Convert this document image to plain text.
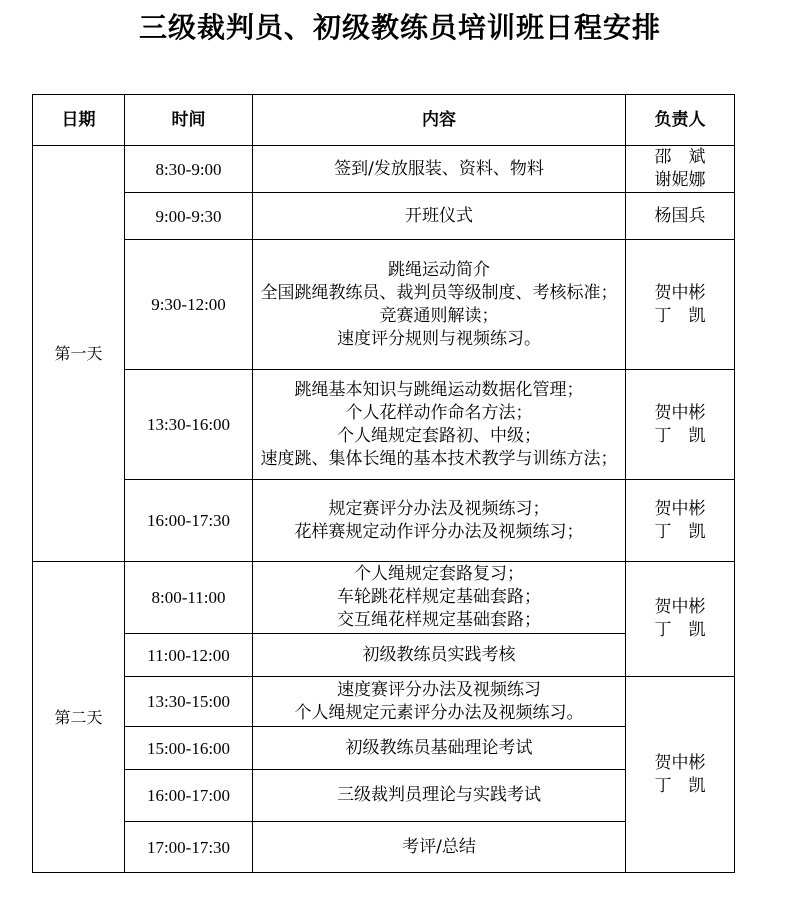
三级裁判员、初级教练员培训班日程安排
日期	时间	内容	负责人
第一天	8:30-9:00	签到/发放服装、资料、物料	邵　斌
谢妮娜

	9:00-9:30	开班仪式	杨国兵

	9:30-12:00	跳绳运动简介
全国跳绳教练员、裁判员等级制度、考核标准；
竞赛通则解读；
速度评分规则与视频练习。	贺中彬
丁　凯

	13:30-16:00	跳绳基本知识与跳绳运动数据化管理；
个人花样动作命名方法；
个人绳规定套路初、中级；
速度跳、集体长绳的基本技术教学与训练方法；	贺中彬
丁　凯

	16:00-17:30	规定赛评分办法及视频练习；
花样赛规定动作评分办法及视频练习；	贺中彬
丁　凯

第二天	8:00-11:00	个人绳规定套路复习；
车轮跳花样规定基础套路；
交互绳花样规定基础套路；	贺中彬
丁　凯

	11:00-12:00	初级教练员实践考核	

	13:30-15:00	速度赛评分办法及视频练习
个人绳规定元素评分办法及视频练习。	贺中彬
丁　凯

	15:00-16:00	初级教练员基础理论考试	

	16:00-17:00	三级裁判员理论与实践考试	

	17:00-17:30	考评/总结	
